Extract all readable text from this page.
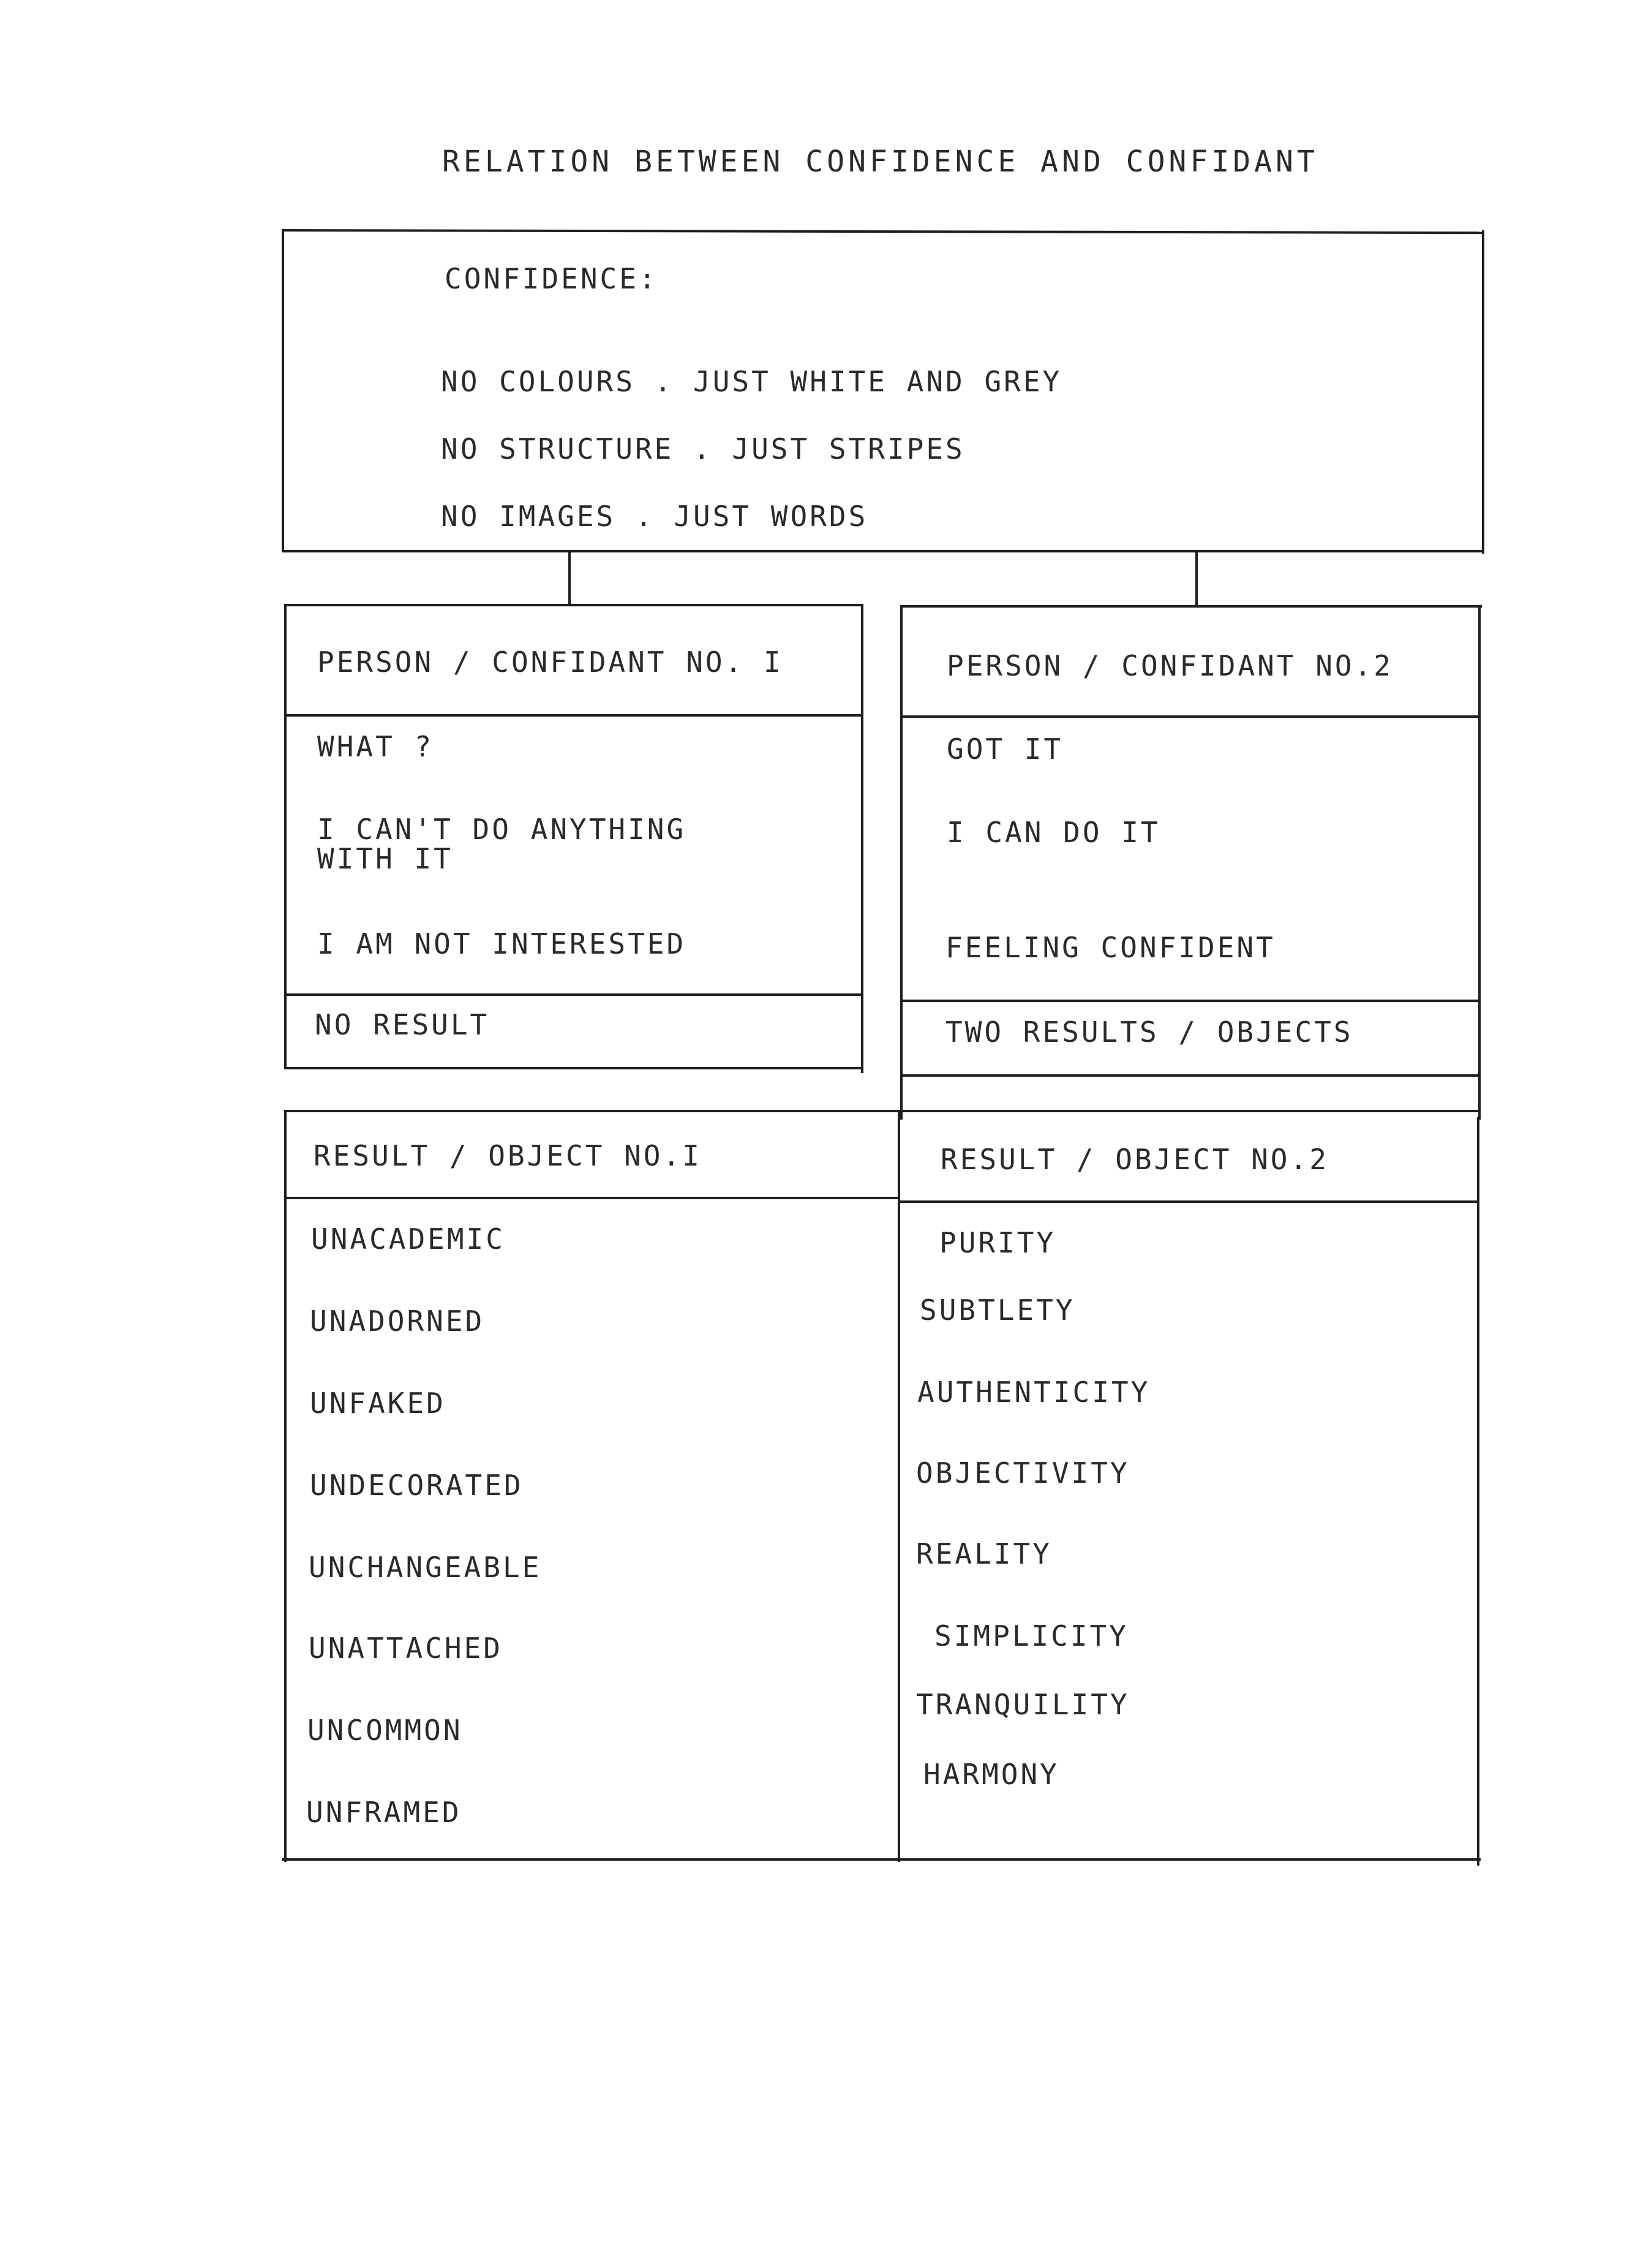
RELATION BETWEEN CONFIDENCE AND CONFIDANT
CONFIDENCE:
NO COLOURS . JUST WHITE AND GREY
NO STRUCTURE . JUST STRIPES
NO IMAGES . JUST WORDS
PERSON / CONFIDANT NO. I
WHAT ?
I CAN'T DO ANYTHING
WITH IT
I AM NOT INTERESTED
NO RESULT
PERSON / CONFIDANT NO.2
GOT IT
I CAN DO IT
FEELING CONFIDENT
TWO RESULTS / OBJECTS
RESULT / OBJECT NO.I
UNACADEMIC
UNADORNED
UNFAKED
UNDECORATED
UNCHANGEABLE
UNATTACHED
UNCOMMON
UNFRAMED
RESULT / OBJECT NO.2
PURITY
SUBTLETY
AUTHENTICITY
OBJECTIVITY
REALITY
SIMPLICITY
TRANQUILITY
HARMONY
